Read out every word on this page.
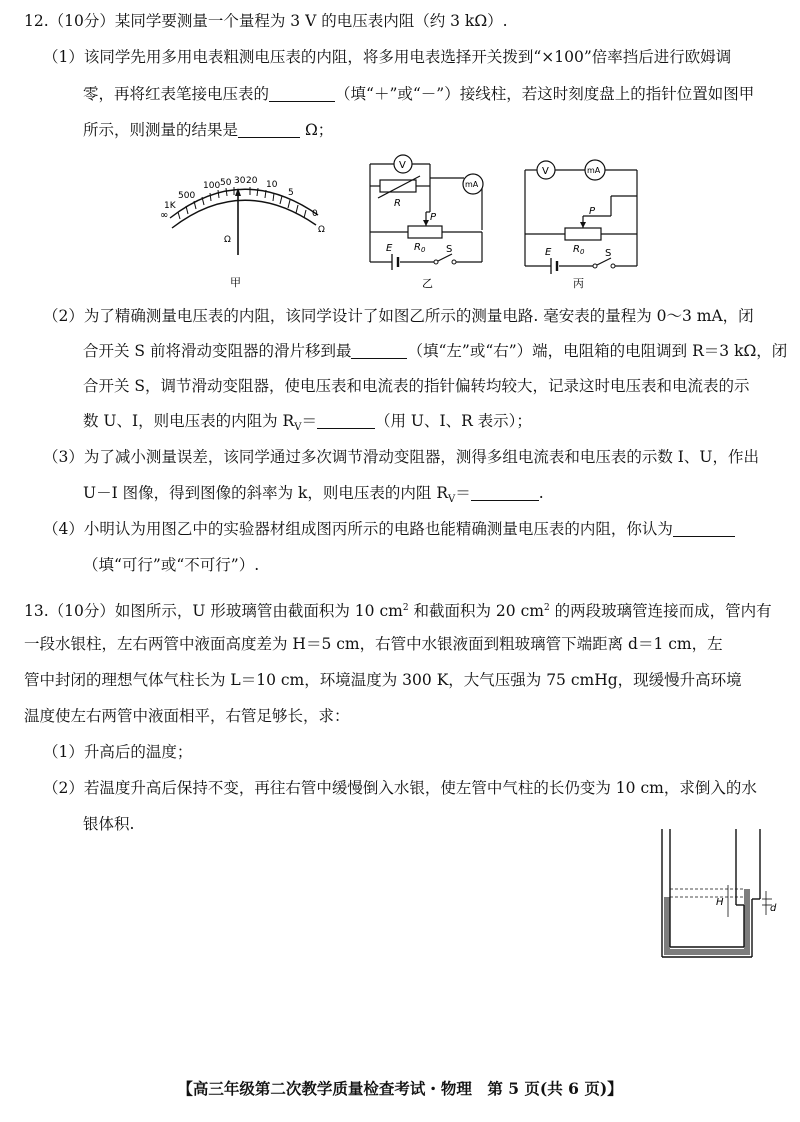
12.（10分）某同学要测量一个量程为 3 V 的电压表内阻（约 3 kΩ）.
（1）该同学先用多用电表粗测电压表的内阻，将多用电表选择开关拨到“×100”倍率挡后进行欧姆调
零，再将红表笔接电压表的	（填“＋”或“－”）接线柱，若这时刻度盘上的指针位置如图甲
所示，则测量的结果是	Ω；
1K
500
100 50 30 20 10
5
0
∞
Ω
Ω
甲
V
mA
R
P
$R_0$
E	S
乙
V	mA
P
$R_0$
E	S
丙
（2）为了精确测量电压表的内阻，该同学设计了如图乙所示的测量电路. 毫安表的量程为 0～3 mA，闭
合开关 S 前将滑动变阻器的滑片移到最	（填“左”或“右”）端，电阻箱的电阻调到 R＝3 kΩ，闭
合开关 S，调节滑动变阻器，使电压表和电流表的指针偏转均较大，记录这时电压表和电流表的示
数 U、I，则电压表的内阻为 $R_V=$	（用 U、I、R 表示）；
（3）为了减小测量误差，该同学通过多次调节滑动变阻器，测得多组电流表和电压表的示数 I、U，作出
U－I 图像，得到图像的斜率为 k，则电压表的内阻 $R_V=$	.
（4）小明认为用图乙中的实验器材组成图丙所示的电路也能精确测量电压表的内阻，你认为
（填“可行”或“不可行”）.
13.（10分）如图所示，U 形玻璃管由截面积为 10 $cm^2$ 和截面积为 20 $cm^2$ 的两段玻璃管连接而成，管内有
一段水银柱，左右两管中液面高度差为 H＝5 cm，右管中水银液面到粗玻璃管下端距离 d＝1 cm，左
管中封闭的理想气体气柱长为 L＝10 cm，环境温度为 300 K，大气压强为 75 cmHg，现缓慢升高环境
温度使左右两管中液面相平，右管足够长，求：
（1）升高后的温度；
（2）若温度升高后保持不变，再往右管中缓慢倒入水银，使左管中气柱的长仍变为 10 cm，求倒入的水
银体积.
H
d
【高三年级第二次教学质量检查考试・物理　第 5 页(共 6 页)】
